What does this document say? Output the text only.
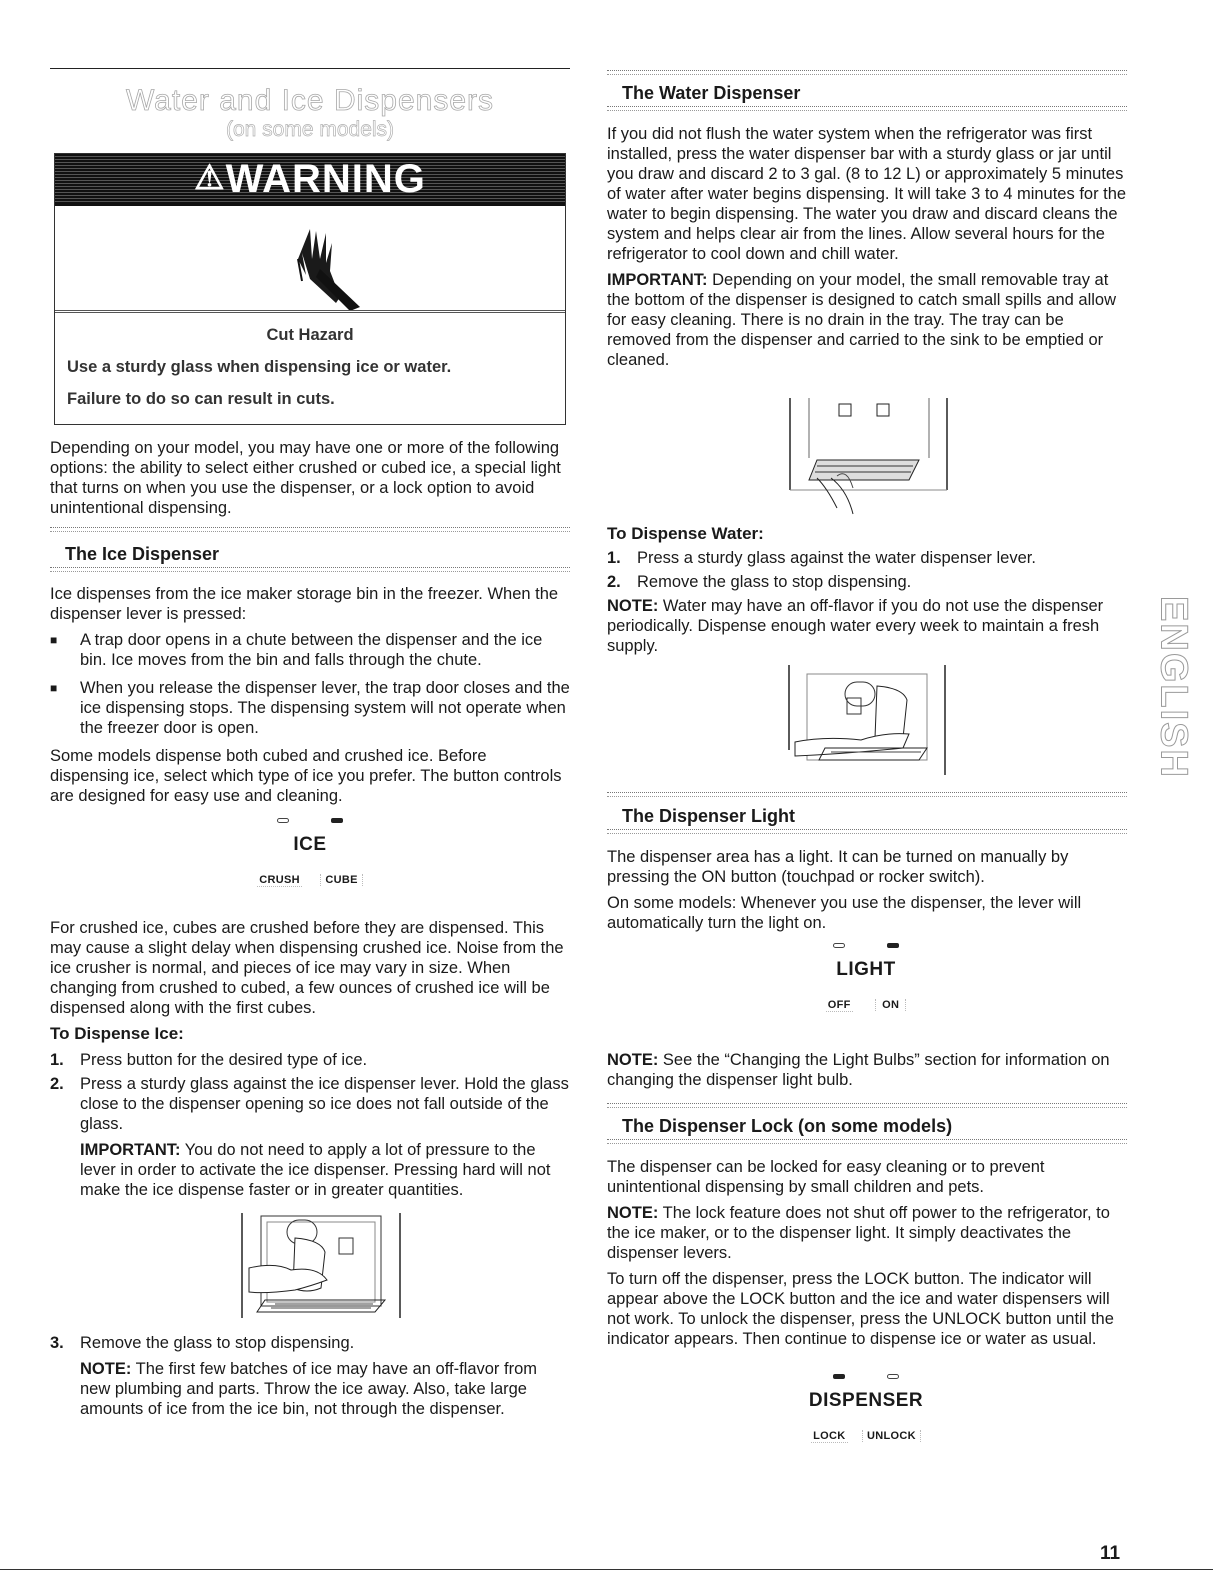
Water and Ice Dispensers
(on some models)
⚠WARNING
Cut Hazard
Use a sturdy glass when dispensing ice or water.
Failure to do so can result in cuts.

Depending on your model, you may have one or more of the following options: the ability to select either crushed or cubed ice, a special light that turns on when you use the dispenser, or a lock option to avoid unintentional dispensing.

The Ice Dispenser

Ice dispenses from the ice maker storage bin in the freezer. When the dispenser lever is pressed:

■	A trap door opens in a chute between the dispenser and the ice bin. Ice moves from the bin and falls through the chute.
■	When you release the dispenser lever, the trap door closes and the ice dispensing stops. The dispensing system will not operate when the freezer door is open.

Some models dispense both cubed and crushed ice. Before dispensing ice, select which type of ice you prefer. The button controls are designed for easy use and cleaning.

ICE
CRUSH CUBE

For crushed ice, cubes are crushed before they are dispensed. This may cause a slight delay when dispensing crushed ice. Noise from the ice crusher is normal, and pieces of ice may vary in size. When changing from crushed to cubed, a few ounces of crushed ice will be dispensed along with the first cubes.

To Dispense Ice:

1. Press button for the desired type of ice.
2. Press a sturdy glass against the ice dispenser lever. Hold the glass close to the dispenser opening so ice does not fall outside of the glass.
IMPORTANT: You do not need to apply a lot of pressure to the lever in order to activate the ice dispenser. Pressing hard will not make the ice dispense faster or in greater quantities.
3. Remove the glass to stop dispensing.
NOTE: The first few batches of ice may have an off-flavor from new plumbing and parts. Throw the ice away. Also, take large amounts of ice from the ice bin, not through the dispenser.
The Water Dispenser

If you did not flush the water system when the refrigerator was first installed, press the water dispenser bar with a sturdy glass or jar until you draw and discard 2 to 3 gal. (8 to 12 L) or approximately 5 minutes of water after water begins dispensing. It will take 3 to 4 minutes for the water to begin dispensing. The water you draw and discard cleans the system and helps clear air from the lines. Allow several hours for the refrigerator to cool down and chill water.

IMPORTANT: Depending on your model, the small removable tray at the bottom of the dispenser is designed to catch small spills and allow for easy cleaning. There is no drain in the tray. The tray can be removed from the dispenser and carried to the sink to be emptied or cleaned.

To Dispense Water:

1. Press a sturdy glass against the water dispenser lever.
2. Remove the glass to stop dispensing.

NOTE: Water may have an off-flavor if you do not use the dispenser periodically. Dispense enough water every week to maintain a fresh supply.

The Dispenser Light

The dispenser area has a light. It can be turned on manually by pressing the ON button (touchpad or rocker switch).

On some models: Whenever you use the dispenser, the lever will automatically turn the light on.

LIGHT
OFF	ON

NOTE: See the “Changing the Light Bulbs” section for information on changing the dispenser light bulb.

The Dispenser Lock (on some models)

The dispenser can be locked for easy cleaning or to prevent unintentional dispensing by small children and pets.

NOTE: The lock feature does not shut off power to the refrigerator, to the ice maker, or to the dispenser light. It simply deactivates the dispenser levers.

To turn off the dispenser, press the LOCK button. The indicator will appear above the LOCK button and the ice and water dispensers will not work. To unlock the dispenser, press the UNLOCK button until the indicator appears. Then continue to dispense ice or water as usual.

DISPENSER
LOCK UNLOCK
ENGLISH
11
